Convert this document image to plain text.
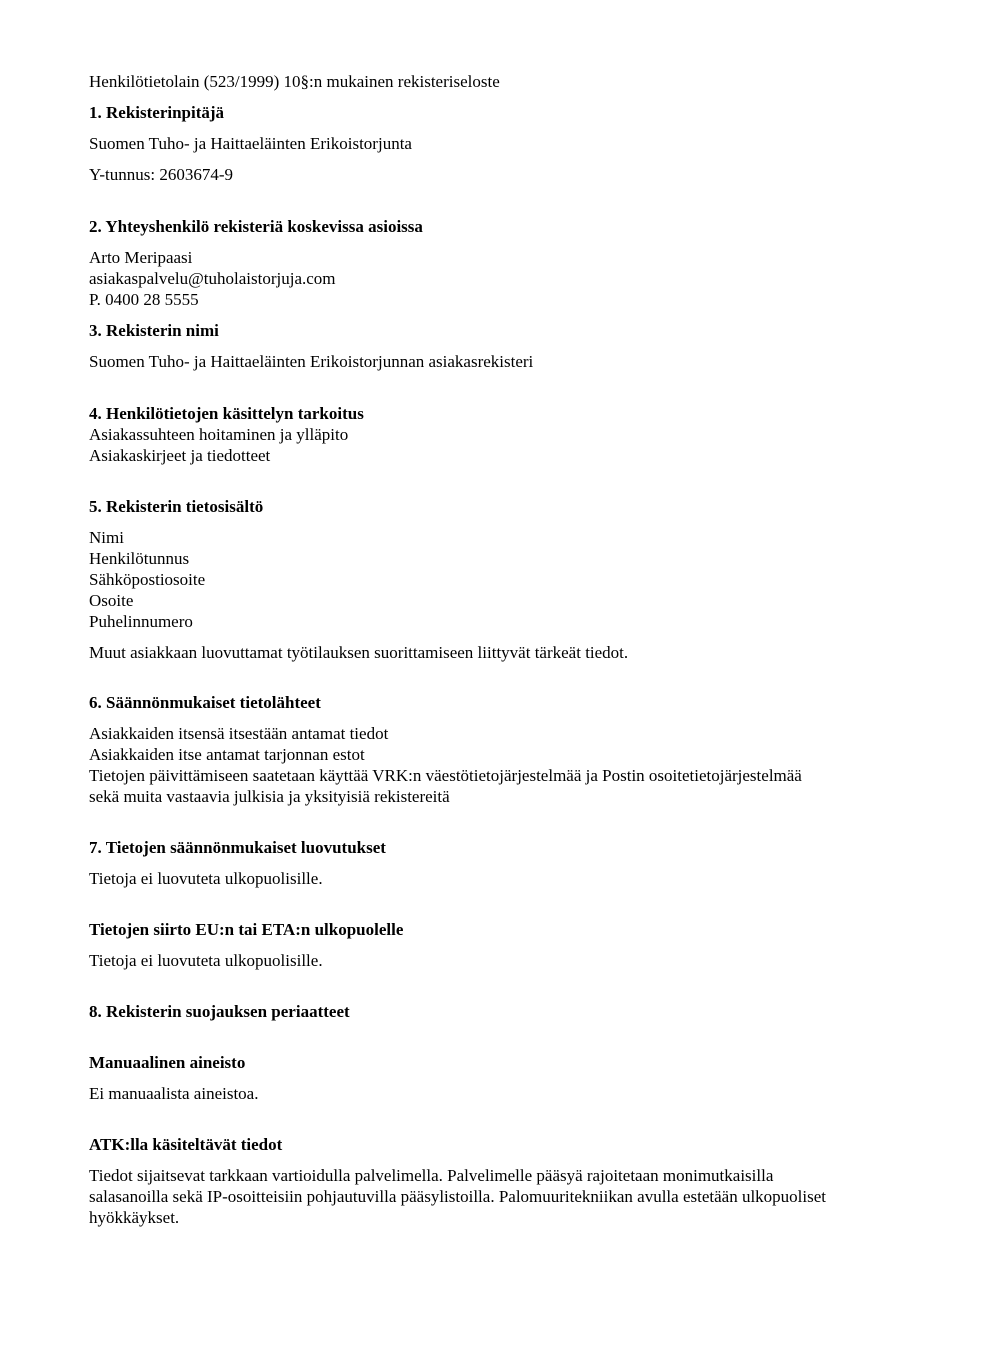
Henkilötietolain (523/1999) 10§:n mukainen rekisteriseloste
1. Rekisterinpitäjä
Suomen Tuho- ja Haittaeläinten Erikoistorjunta
Y-tunnus: 2603674-9
2. Yhteyshenkilö rekisteriä koskevissa asioissa
Arto Meripaasi
asiakaspalvelu@tuholaistorjuja.com
P. 0400 28 5555
3. Rekisterin nimi
Suomen Tuho- ja Haittaeläinten Erikoistorjunnan asiakasrekisteri
4. Henkilötietojen käsittelyn tarkoitus
Asiakassuhteen hoitaminen ja ylläpito
Asiakaskirjeet ja tiedotteet
5. Rekisterin tietosisältö
Nimi
Henkilötunnus
Sähköpostiosoite
Osoite
Puhelinnumero
Muut asiakkaan luovuttamat työtilauksen suorittamiseen liittyvät tärkeät tiedot.
6. Säännönmukaiset tietolähteet
Asiakkaiden itsensä itsestään antamat tiedot
Asiakkaiden itse antamat tarjonnan estot
Tietojen päivittämiseen saatetaan käyttää VRK:n väestötietojärjestelmää ja Postin osoitetietojärjestelmää
sekä muita vastaavia julkisia ja yksityisiä rekistereitä
7. Tietojen säännönmukaiset luovutukset
Tietoja ei luovuteta ulkopuolisille.
Tietojen siirto EU:n tai ETA:n ulkopuolelle
Tietoja ei luovuteta ulkopuolisille.
8. Rekisterin suojauksen periaatteet
Manuaalinen aineisto
Ei manuaalista aineistoa.
ATK:lla käsiteltävät tiedot
Tiedot sijaitsevat tarkkaan vartioidulla palvelimella. Palvelimelle pääsyä rajoitetaan monimutkaisilla
salasanoilla sekä IP-osoitteisiin pohjautuvilla pääsylistoilla. Palomuuritekniikan avulla estetään ulkopuoliset
hyökkäykset.
